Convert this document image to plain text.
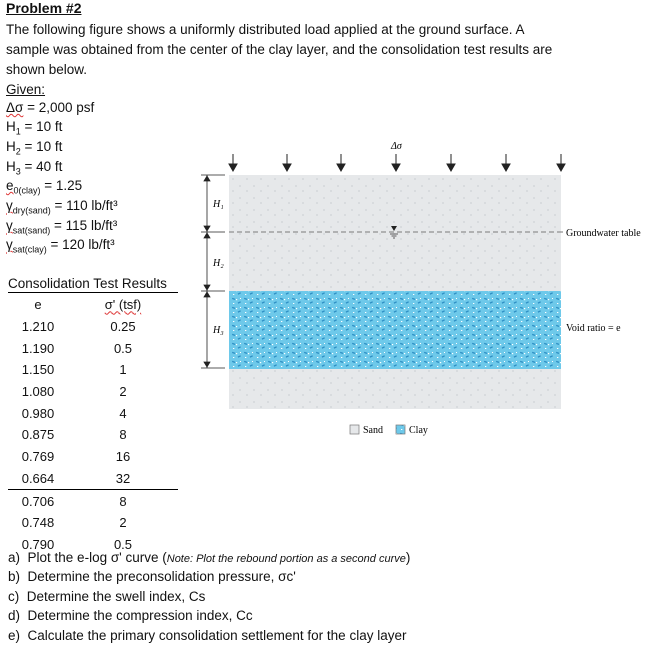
Problem #2
The following figure shows a uniformly distributed load applied at the ground surface. A
sample was obtained from the center of the clay layer, and the consolidation test results are
shown below.
Given:
Δσ = 2,000 psf
$H_1 = 10$ ft
$H_2 = 10$ ft
$H_3 = 40$ ft
$e_{0(clay)} = 1.25$
$\gamma_{dry(sand)} = 110$ lb/ft³
$\gamma_{sat(sand)} = 115$ lb/ft³
$\gamma_{sat(clay)} = 120$ lb/ft³
Consolidation Test Results
e	σ' (tsf)
1.210	0.25
1.190	0.5
1.150	1
1.080	2
0.980	4
0.875	8
0.769	16
0.664	32
0.706	8
0.748	2
0.790	0.5
Δσ
Groundwater table
Void ratio = e
H₁
H₂
H₃
Sand	Clay
a) Plot the e-log σ' curve (Note: Plot the rebound portion as a second curve)
b) Determine the preconsolidation pressure, σc'
c) Determine the swell index, Cs
d) Determine the compression index, Cc
e) Calculate the primary consolidation settlement for the clay layer
